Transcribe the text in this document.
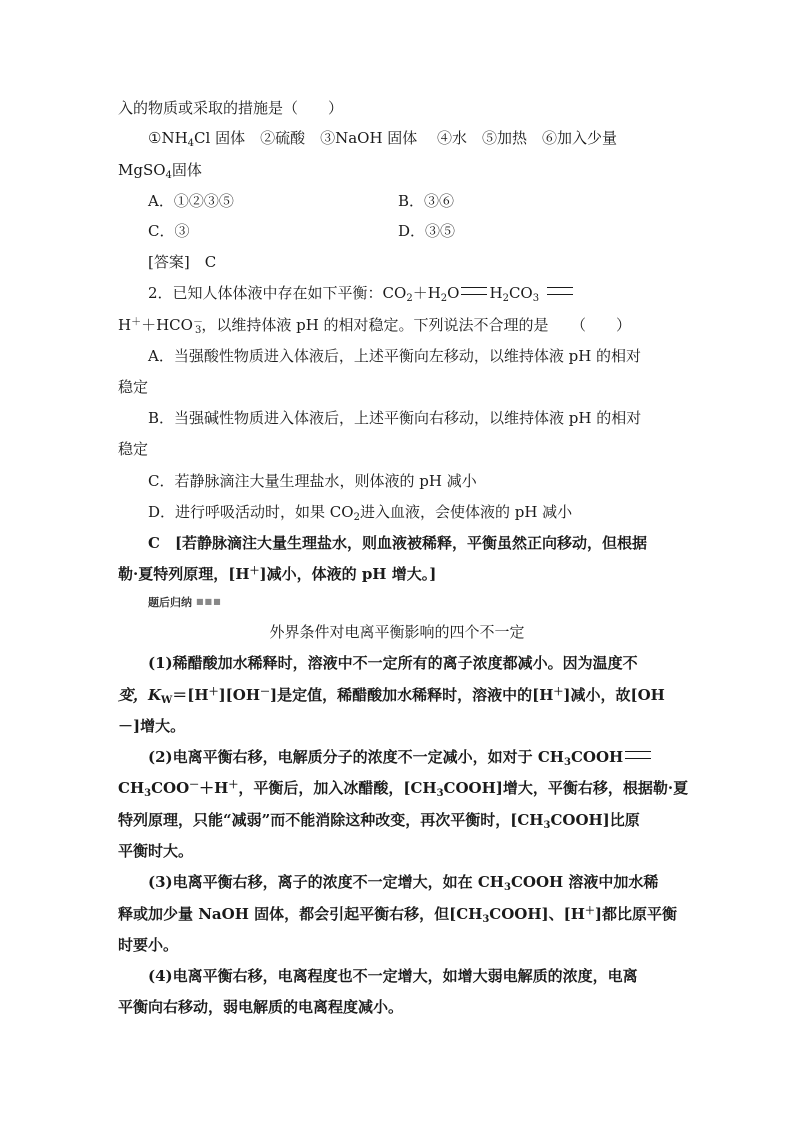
入的物质或采取的措施是（　　）
$①NH_4Cl$ 固体　②硫酸　③NaOH 固体　 ④水　⑤加热　⑥加入少量
MgSO$_4$固体
A．①②③⑤	B．③⑥
C．③	D．③⑤
[答案]　C
2．已知人体体液中存在如下平衡：$CO_2+H_2O$ $H_2CO_3$
$H^++HCO^-_3$，以维持体液 pH 的相对稳定。下列说法不合理的是　　（　　）
A．当强酸性物质进入体液后，上述平衡向左移动，以维持体液 pH 的相对
稳定
B．当强碱性物质进入体液后，上述平衡向右移动，以维持体液 pH 的相对
稳定
C．若静脉滴注大量生理盐水，则体液的 pH 减小
D．进行呼吸活动时，如果 $CO_2$进入血液，会使体液的 pH 减小
C　[若静脉滴注大量生理盐水，则血液被稀释，平衡虽然正向移动，但根据
勒·夏特列原理，[H＋]减小，体液的 pH 增大。]
题后归纳 ■■■
外界条件对电离平衡影响的四个不一定
(1)稀醋酸加水稀释时，溶液中不一定所有的离子浓度都减小。因为温度不
变，$K_W=[H^+][OH^-]$是定值，稀醋酸加水稀释时，溶液中的[H＋]减小，故[OH
－]增大。
(2)电离平衡右移，电解质分子的浓度不一定减小，如对于 $CH_3COOH$
$CH_3COO^-+H^+$，平衡后，加入冰醋酸，$[CH_3COOH]$增大，平衡右移，根据勒·夏
特列原理，只能“减弱”而不能消除这种改变，再次平衡时，$[CH_3COOH]$比原
平衡时大。
(3)电离平衡右移，离子的浓度不一定增大，如在 $CH_3COOH$ 溶液中加水稀
释或加少量 NaOH 固体，都会引起平衡右移，但$[CH_3COOH]$、[H＋]都比原平衡
时要小。
(4)电离平衡右移，电离程度也不一定增大，如增大弱电解质的浓度，电离
平衡向右移动，弱电解质的电离程度减小。
